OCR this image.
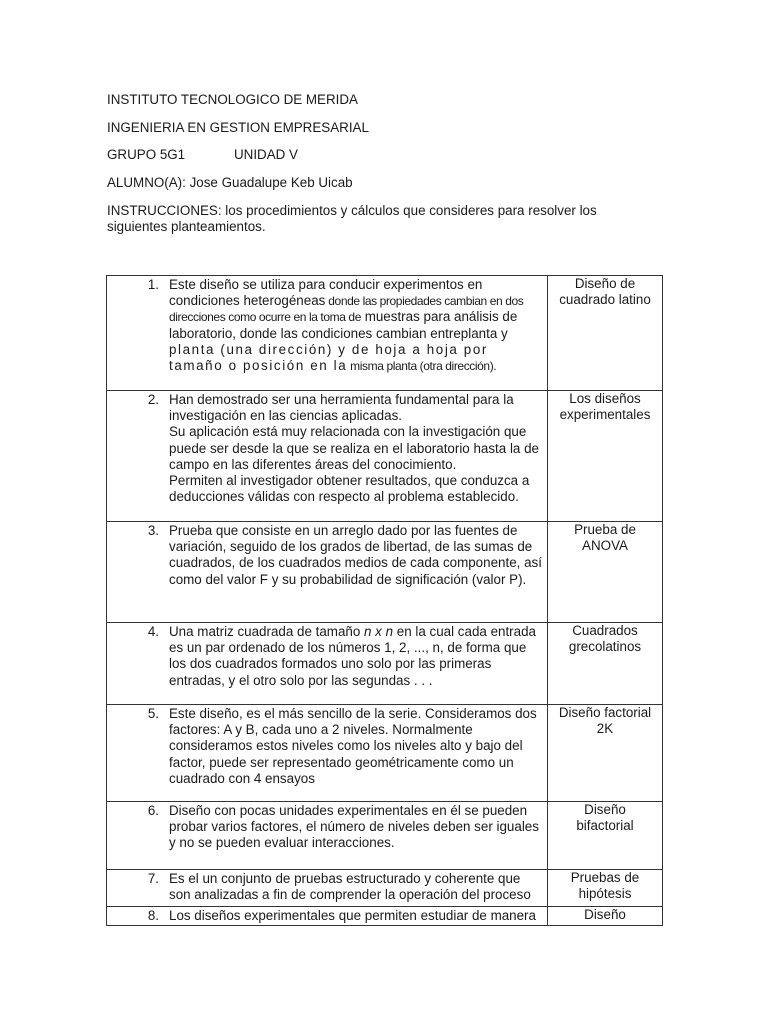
INSTITUTO TECNOLOGICO DE MERIDA
INGENIERIA EN GESTION EMPRESARIAL
GRUPO 5G1	UNIDAD V
ALUMNO(A): Jose Guadalupe Keb Uicab
INSTRUCCIONES: los procedimientos y cálculos que consideres para resolver los siguientes planteamientos.
1. Este diseño se utiliza para conducir experimentos en condiciones heterogéneas donde las propiedades cambian en dos direcciones como ocurre en la toma de muestras para análisis de laboratorio, donde las condiciones cambian entreplanta y planta (una dirección) y de hoja a hoja por tamaño o posición en la misma planta (otra dirección).	Diseño de cuadrado latino

2. Han demostrado ser una herramienta fundamental para la investigación en las ciencias aplicadas.
Su aplicación está muy relacionada con la investigación que puede ser desde la que se realiza en el laboratorio hasta la de campo en las diferentes áreas del conocimiento.
Permiten al investigador obtener resultados, que conduzca a deducciones válidas con respecto al problema establecido.	Los diseños experimentales

3. Prueba que consiste en un arreglo dado por las fuentes de variación, seguido de los grados de libertad, de las sumas de cuadrados, de los cuadrados medios de cada componente, así como del valor F y su probabilidad de significación (valor P).	Prueba de ANOVA

4. Una matriz cuadrada de tamaño n x n en la cual cada entrada es un par ordenado de los números 1, 2, ..., n, de forma que los dos cuadrados formados uno solo por las primeras entradas, y el otro solo por las segundas . . .	Cuadrados grecolatinos

5. Este diseño, es el más sencillo de la serie. Consideramos dos factores: A y B, cada uno a 2 niveles. Normalmente consideramos estos niveles como los niveles alto y bajo del factor, puede ser representado geométricamente como un cuadrado con 4 ensayos	Diseño factorial 2K

6. Diseño con pocas unidades experimentales en él se pueden probar varios factores, el número de niveles deben ser iguales y no se pueden evaluar interacciones.	Diseño bifactorial

7. Es el un conjunto de pruebas estructurado y coherente que son analizadas a fin de comprender la operación del proceso	Pruebas de hipótesis

8. Los diseños experimentales que permiten estudiar de manera	Diseño
